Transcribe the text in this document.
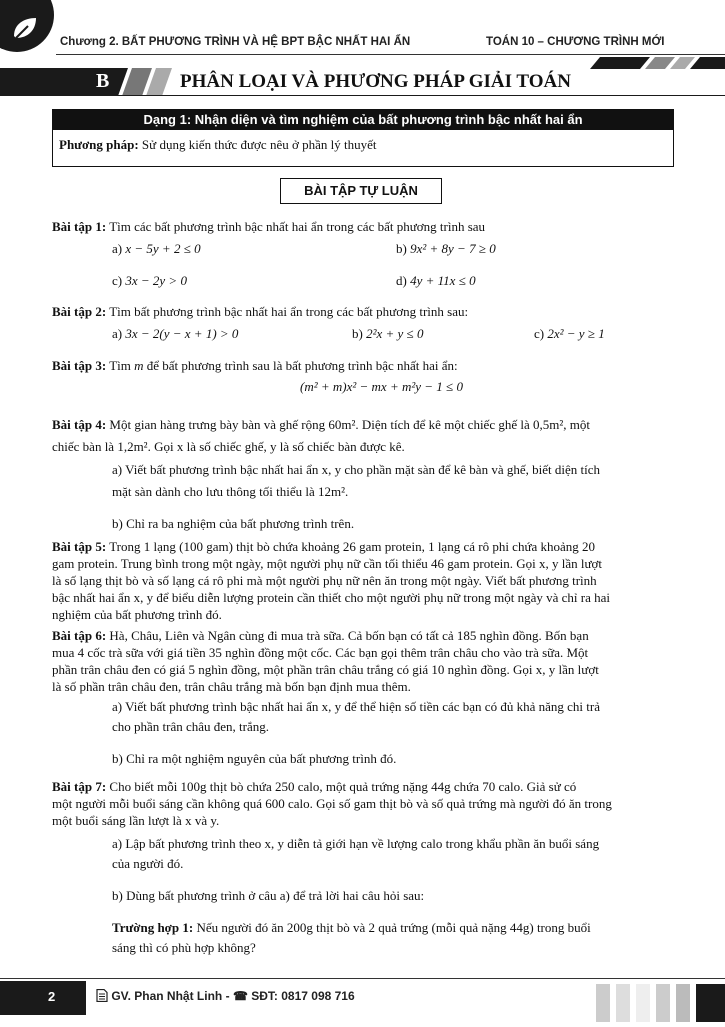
Chương 2. BẤT PHƯƠNG TRÌNH VÀ HỆ BPT BẬC NHẤT HAI ẨN	TOÁN 10 – CHƯƠNG TRÌNH MỚI
B	PHÂN LOẠI VÀ PHƯƠNG PHÁP GIẢI TOÁN
Dạng 1: Nhận diện và tìm nghiệm của bất phương trình bậc nhất hai ẩn
Phương pháp: Sử dụng kiến thức được nêu ở phần lý thuyết
BÀI TẬP TỰ LUẬN

Bài tập 1: Tìm các bất phương trình bậc nhất hai ẩn trong các bất phương trình sau

a) x − 5y + 2 ≤ 0	b) 9x² + 8y − 7 ≥ 0

c) 3x − 2y > 0	d) 4y + 11x ≤ 0

Bài tập 2: Tìm bất phương trình bậc nhất hai ẩn trong các bất phương trình sau:

a) 3x − 2(y − x + 1) > 0	b) 2²x + y ≤ 0	c) 2x² − y ≥ 1

Bài tập 3: Tìm m để bất phương trình sau là bất phương trình bậc nhất hai ẩn:

(m² + m)x² − mx + m²y − 1 ≤ 0

Bài tập 4: Một gian hàng trưng bày bàn và ghế rộng 60m². Diện tích để kê một chiếc ghế là 0,5m², một

chiếc bàn là 1,2m². Gọi x là số chiếc ghế, y là số chiếc bàn được kê.

a) Viết bất phương trình bậc nhất hai ẩn x, y cho phần mặt sàn để kê bàn và ghế, biết diện tích

mặt sàn dành cho lưu thông tối thiểu là 12m².

b) Chỉ ra ba nghiệm của bất phương trình trên.

Bài tập 5: Trong 1 lạng (100 gam) thịt bò chứa khoảng 26 gam protein, 1 lạng cá rô phi chứa khoảng 20

gam protein. Trung bình trong một ngày, một người phụ nữ cần tối thiểu 46 gam protein. Gọi x, y lần lượt

là số lạng thịt bò và số lạng cá rô phi mà một người phụ nữ nên ăn trong một ngày. Viết bất phương trình

bậc nhất hai ẩn x, y để biểu diễn lượng protein cần thiết cho một người phụ nữ trong một ngày và chỉ ra hai

nghiệm của bất phương trình đó.

Bài tập 6: Hà, Châu, Liên và Ngân cùng đi mua trà sữa. Cả bốn bạn có tất cả 185 nghìn đồng. Bốn bạn

mua 4 cốc trà sữa với giá tiền 35 nghìn đồng một cốc. Các bạn gọi thêm trân châu cho vào trà sữa. Một

phần trân châu đen có giá 5 nghìn đồng, một phần trân châu trắng có giá 10 nghìn đồng. Gọi x, y lần lượt

là số phần trân châu đen, trân châu trắng mà bốn bạn định mua thêm.

a) Viết bất phương trình bậc nhất hai ẩn x, y để thể hiện số tiền các bạn có đủ khả năng chi trả

cho phần trân châu đen, trắng.

b) Chỉ ra một nghiệm nguyên của bất phương trình đó.

Bài tập 7: Cho biết mỗi 100g thịt bò chứa 250 calo, một quả trứng nặng 44g chứa 70 calo. Giả sử có

một người mỗi buổi sáng cần không quá 600 calo. Gọi số gam thịt bò và số quả trứng mà người đó ăn trong

một buổi sáng lần lượt là x và y.

a) Lập bất phương trình theo x, y diễn tả giới hạn về lượng calo trong khẩu phần ăn buổi sáng

của người đó.

b) Dùng bất phương trình ở câu a) để trả lời hai câu hỏi sau:

Trường hợp 1: Nếu người đó ăn 200g thịt bò và 2 quả trứng (mỗi quả nặng 44g) trong buổi

sáng thì có phù hợp không?

2	GV. Phan Nhật Linh - ☎ SĐT: 0817 098 716
